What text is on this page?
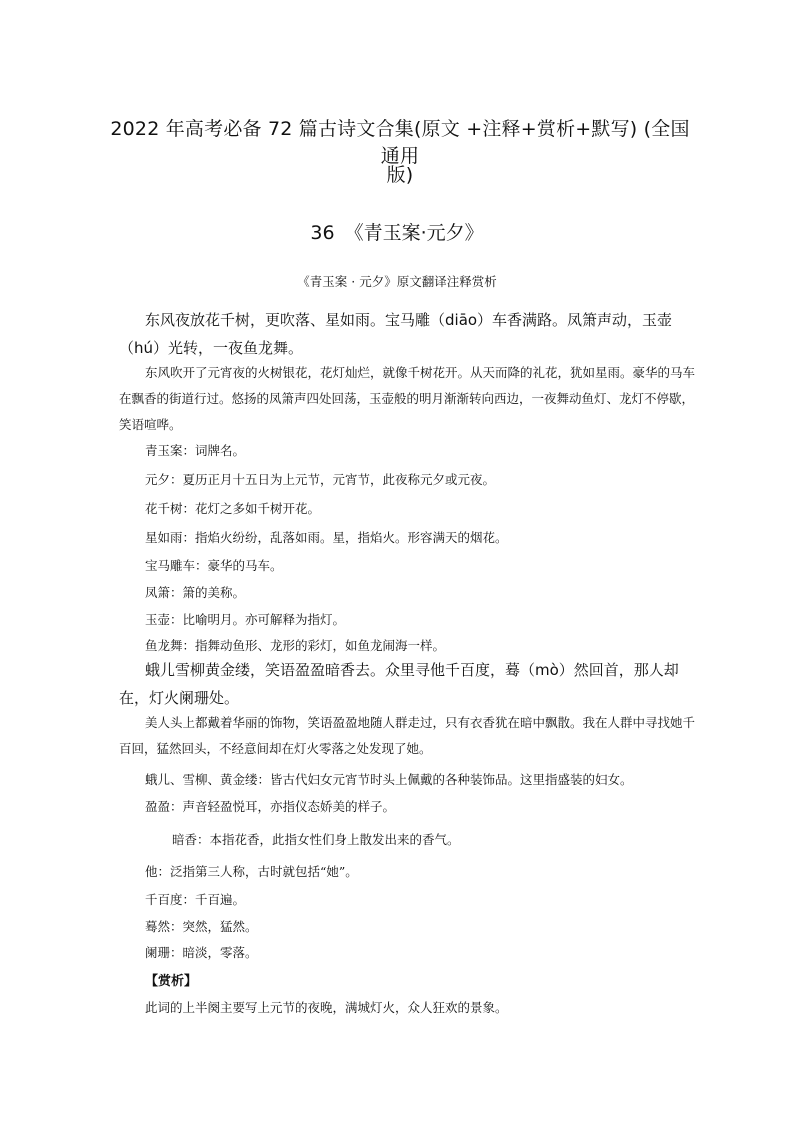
2022 年高考必备 72 篇古诗文合集(原文 +注释+赏析+默写) (全国通用
版)
36 《青玉案·元夕》
《青玉案 · 元夕》原文翻译注释赏析
东风夜放花千树，更吹落、星如雨。宝马雕（diāo）车香满路。凤箫声动，玉壶（hú）光转，一夜鱼龙舞。
东风吹开了元宵夜的火树银花，花灯灿烂，就像千树花开。从天而降的礼花，犹如星雨。豪华的马车在飘香的街道行过。悠扬的凤箫声四处回荡，玉壶般的明月渐渐转向西边，一夜舞动鱼灯、龙灯不停歇，笑语喧哗。
青玉案：词牌名。
元夕：夏历正月十五日为上元节，元宵节，此夜称元夕或元夜。
花千树：花灯之多如千树开花。
星如雨：指焰火纷纷，乱落如雨。星，指焰火。形容满天的烟花。
宝马雕车：豪华的马车。
凤箫：箫的美称。
玉壶：比喻明月。亦可解释为指灯。
鱼龙舞：指舞动鱼形、龙形的彩灯，如鱼龙闹海一样。
蛾儿雪柳黄金缕，笑语盈盈暗香去。众里寻他千百度，蓦（mò）然回首，那人却在，灯火阑珊处。
美人头上都戴着华丽的饰物，笑语盈盈地随人群走过，只有衣香犹在暗中飘散。我在人群中寻找她千百回，猛然回头，不经意间却在灯火零落之处发现了她。
蛾儿、雪柳、黄金缕：皆古代妇女元宵节时头上佩戴的各种装饰品。这里指盛装的妇女。
盈盈：声音轻盈悦耳，亦指仪态娇美的样子。
暗香：本指花香，此指女性们身上散发出来的香气。
他：泛指第三人称，古时就包括“她”。
千百度：千百遍。
蓦然：突然，猛然。
阑珊：暗淡，零落。
【赏析】
此词的上半阕主要写上元节的夜晚，满城灯火，众人狂欢的景象。
